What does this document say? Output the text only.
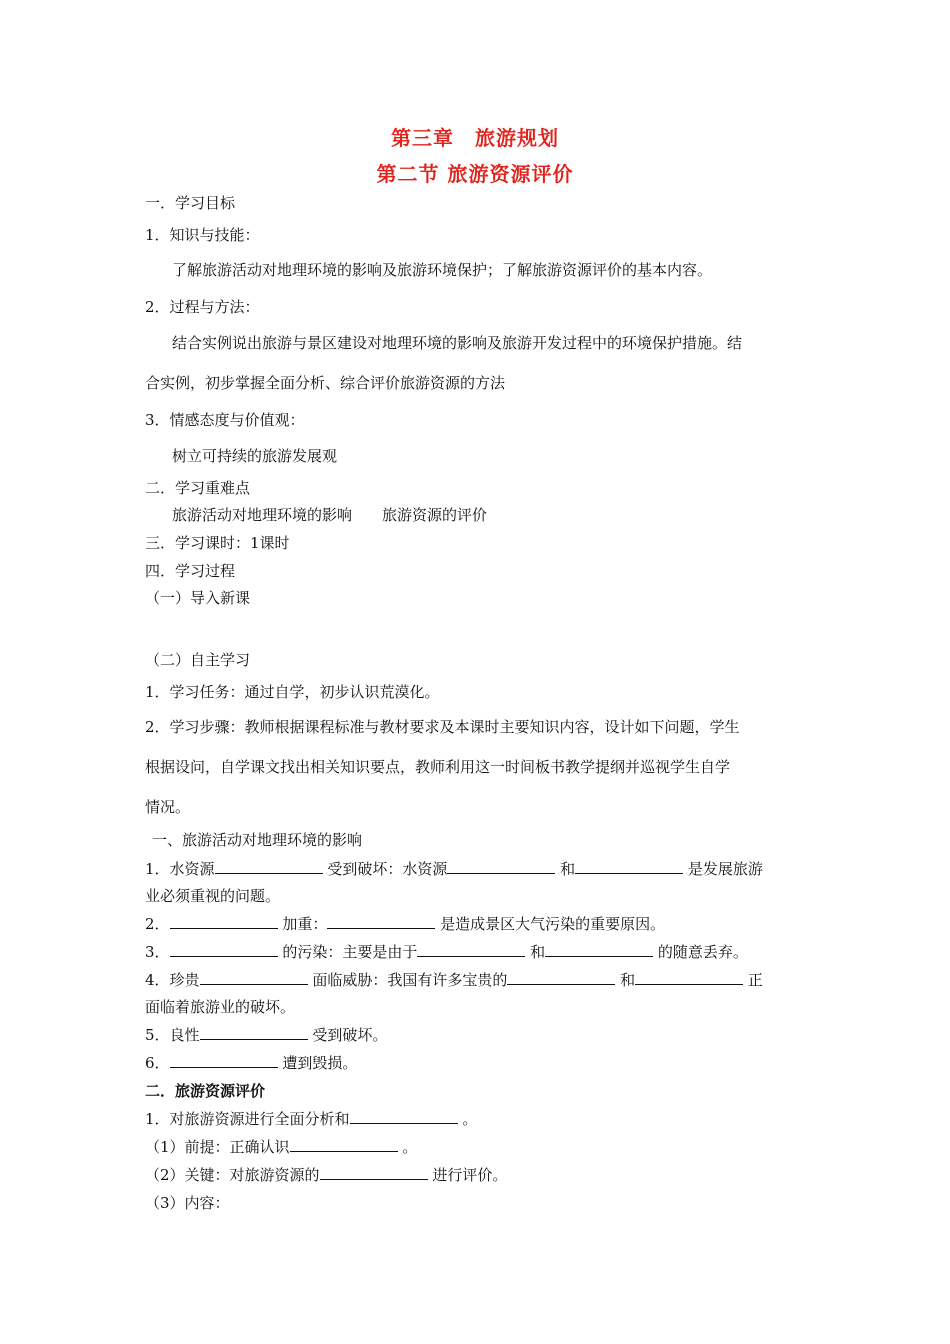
第三章　旅游规划
第二节 旅游资源评价
一．学习目标
1．知识与技能：
了解旅游活动对地理环境的影响及旅游环境保护；了解旅游资源评价的基本内容。
2．过程与方法：
结合实例说出旅游与景区建设对地理环境的影响及旅游开发过程中的环境保护措施。结
合实例，初步掌握全面分析、综合评价旅游资源的方法
3．情感态度与价值观：
树立可持续的旅游发展观
二．学习重难点
旅游活动对地理环境的影响　　旅游资源的评价
三．学习课时：1课时
四．学习过程
（一）导入新课
（二）自主学习
1．学习任务：通过自学，初步认识荒漠化。
2．学习步骤：教师根据课程标准与教材要求及本课时主要知识内容，设计如下问题，学生
根据设问，自学课文找出相关知识要点，教师利用这一时间板书教学提纲并巡视学生自学
情况。
一、旅游活动对地理环境的影响
1．水资源	受到破坏：水资源	和	是发展旅游
业必须重视的问题。
2．	加重：	是造成景区大气污染的重要原因。
3．	的污染：主要是由于	和	的随意丢弃。
4．珍贵	面临威胁：我国有许多宝贵的	和	正
面临着旅游业的破坏。
5．良性	受到破坏。
6．	遭到毁损。
二．旅游资源评价
1．对旅游资源进行全面分析和	。
（1）前提：正确认识	。
（2）关键：对旅游资源的	进行评价。
（3）内容：
